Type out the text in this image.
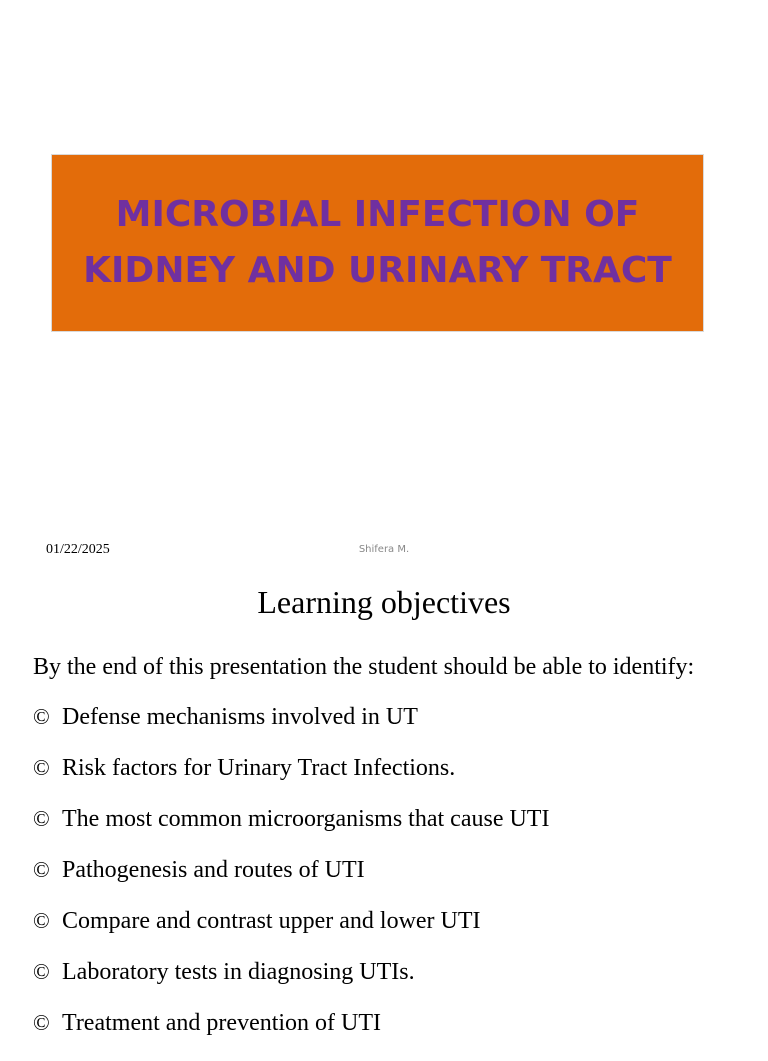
MICROBIAL INFECTION OF
KIDNEY AND URINARY TRACT
01/22/2025	Shifera M.
Learning objectives
By the end of this presentation the student should be able to identify:
© Defense mechanisms involved in UT
© Risk factors for Urinary Tract Infections.
© The most common microorganisms that cause UTI
© Pathogenesis and routes of UTI
© Compare and contrast upper and lower UTI
© Laboratory tests in diagnosing UTIs.
© Treatment and prevention of UTI
